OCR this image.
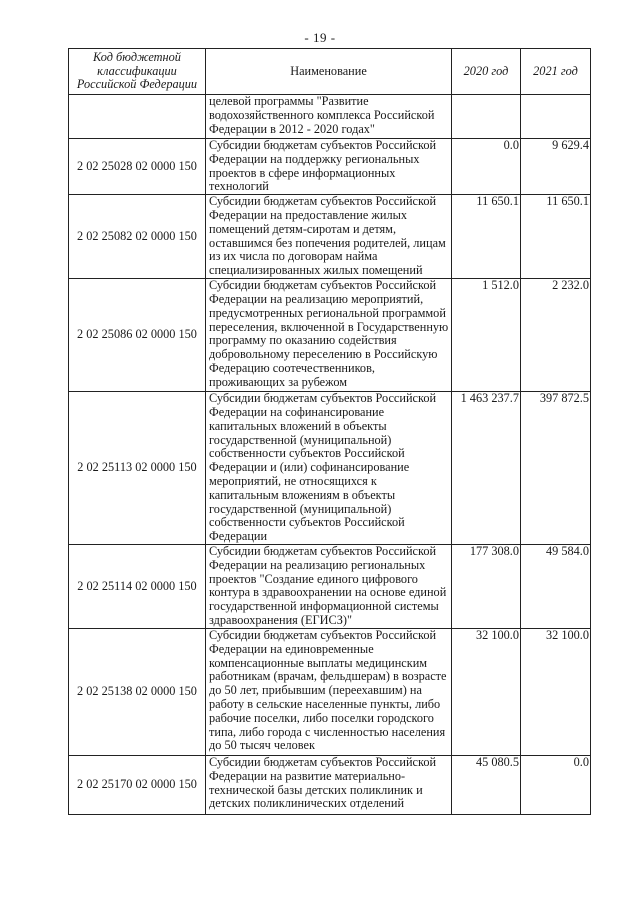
- 19 -
Код бюджетной классификации Российской Федерации	Наименование	2020 год	2021 год
	целевой программы "Развитие водохозяйственного комплекса Российской Федерации в 2012 - 2020 годах"		
2 02 25028 02 0000 150	Субсидии бюджетам субъектов Российской Федерации на поддержку региональных проектов в сфере информационных технологий	0.0	9 629.4
2 02 25082 02 0000 150	Субсидии бюджетам субъектов Российской Федерации на предоставление жилых помещений детям-сиротам и детям, оставшимся без попечения родителей, лицам из их числа по договорам найма специализированных жилых помещений	11 650.1	11 650.1
2 02 25086 02 0000 150	Субсидии бюджетам субъектов Российской Федерации на реализацию мероприятий, предусмотренных региональной программой переселения, включенной в Государственную программу по оказанию содействия добровольному переселению в Российскую Федерацию соотечественников, проживающих за рубежом	1 512.0	2 232.0
2 02 25113 02 0000 150	Субсидии бюджетам субъектов Российской Федерации на софинансирование капитальных вложений в объекты государственной (муниципальной) собственности субъектов Российской Федерации и (или) софинансирование мероприятий, не относящихся к капитальным вложениям в объекты государственной (муниципальной) собственности субъектов Российской Федерации	1 463 237.7	397 872.5
2 02 25114 02 0000 150	Субсидии бюджетам субъектов Российской Федерации на реализацию региональных проектов "Создание единого цифрового контура в здравоохранении на основе единой государственной информационной системы здравоохранения (ЕГИСЗ)"	177 308.0	49 584.0
2 02 25138 02 0000 150	Субсидии бюджетам субъектов Российской Федерации на единовременные компенсационные выплаты медицинским работникам (врачам, фельдшерам) в возрасте до 50 лет, прибывшим (переехавшим) на работу в сельские населенные пункты, либо рабочие поселки, либо поселки городского типа, либо города с численностью населения до 50 тысяч человек	32 100.0	32 100.0
2 02 25170 02 0000 150	Субсидии бюджетам субъектов Российской Федерации на развитие материально-технической базы детских поликлиник и детских поликлинических отделений	45 080.5	0.0
